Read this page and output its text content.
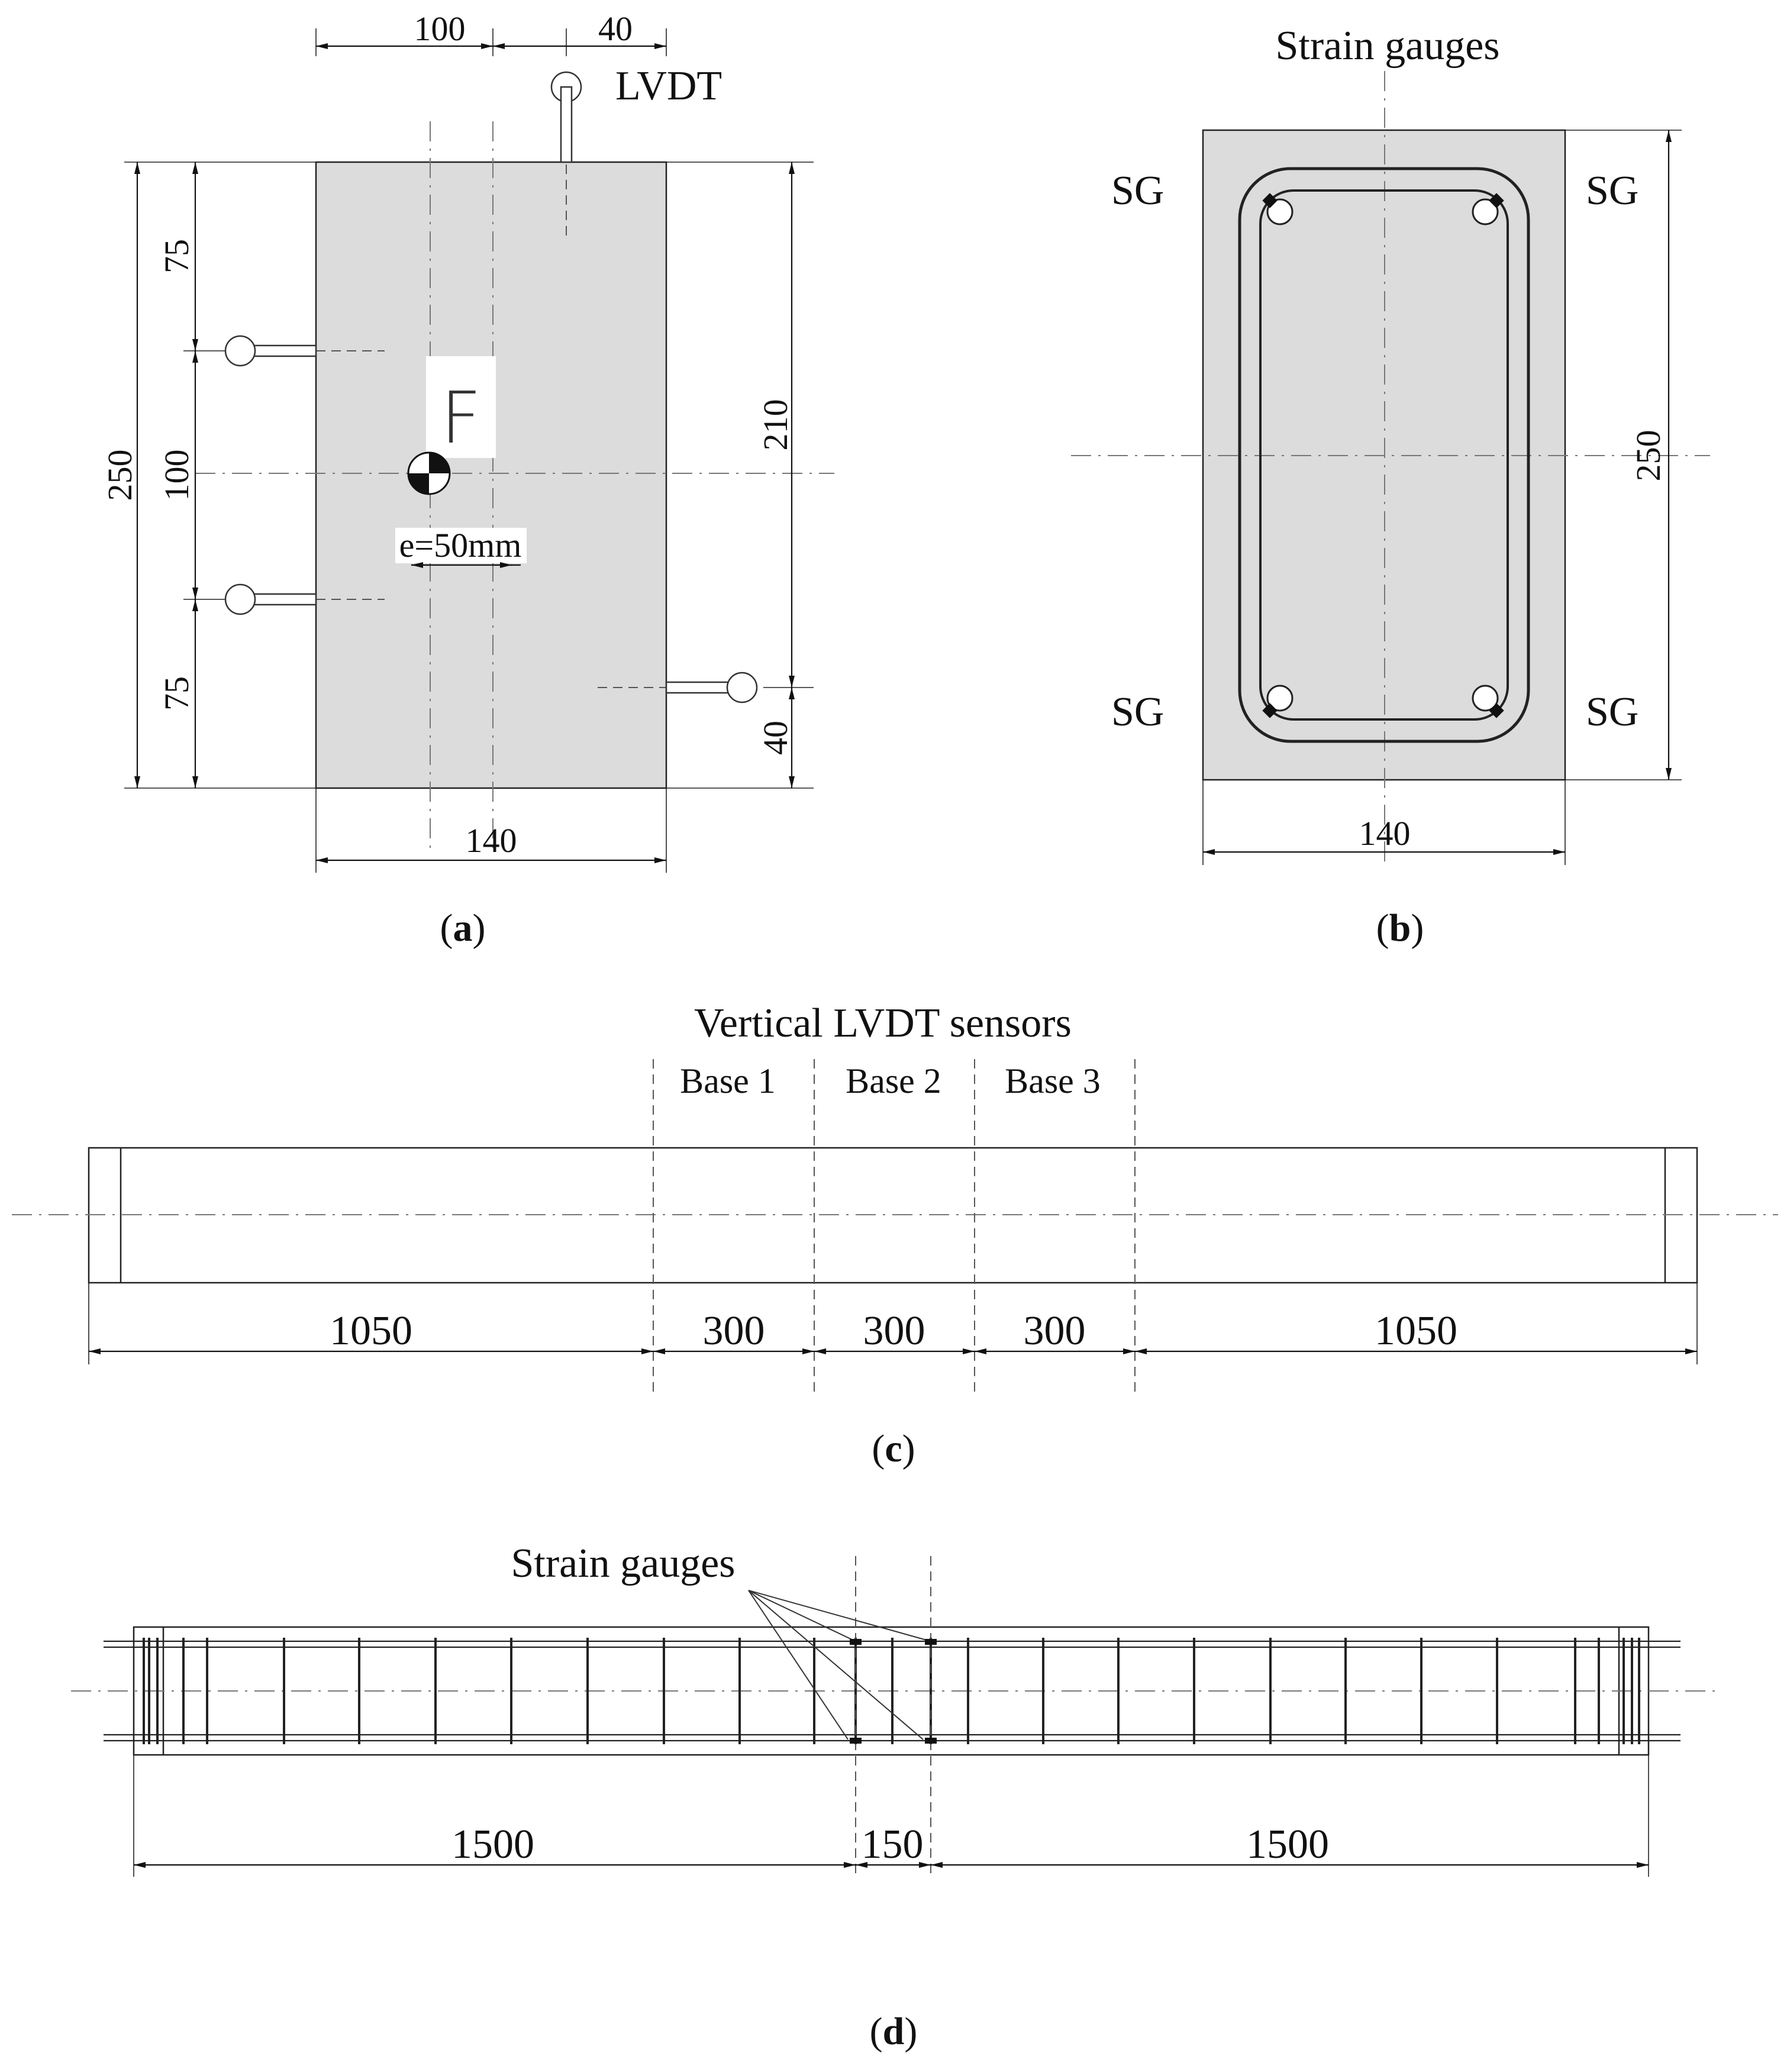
LVDT
F
e=50mm
100	40
250
75
100
75
210
40
140
(a)
Strain gauges
SG	SG
SG	SG
250
140
(b)
Vertical LVDT sensors
Base 1 Base 2 Base 3
1050	300 300 300	1050
(c)
Strain gauges
1500	150	1500
(d)
